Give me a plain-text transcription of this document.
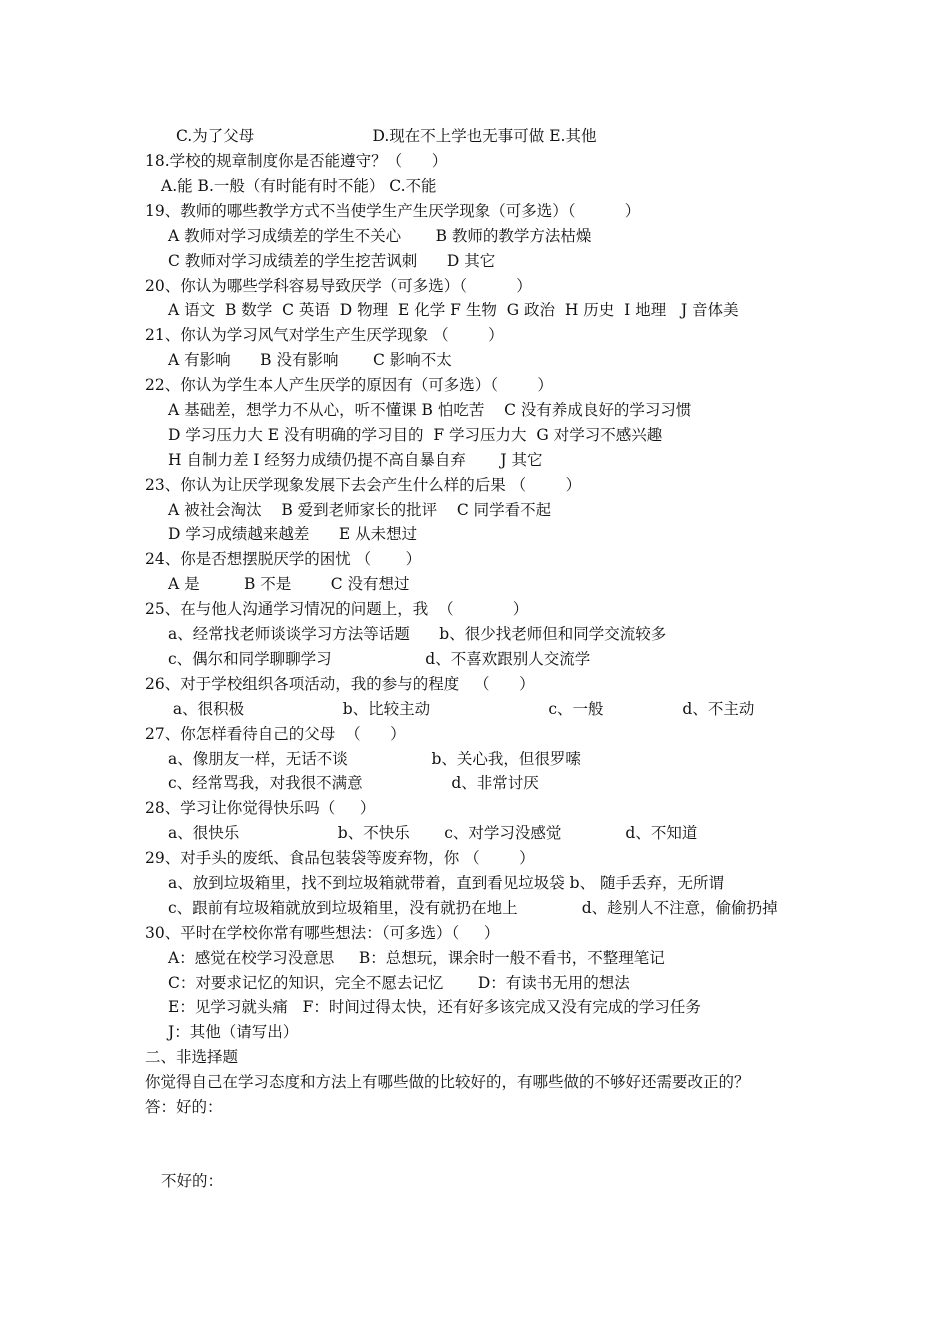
C.为了父母                        D.现在不上学也无事可做 E.其他
18.学校的规章制度你是否能遵守？（      ）
A.能 B.一般（有时能有时不能） C.不能
19、教师的哪些教学方式不当使学生产生厌学现象（可多选）（          ）
A 教师对学习成绩差的学生不关心       B 教师的教学方法枯燥
C 教师对学习成绩差的学生挖苦讽刺      D 其它
20、你认为哪些学科容易导致厌学（可多选）（          ）
A 语文  B 数学  C 英语  D 物理  E 化学 F 生物  G 政治  H 历史  I 地理   J 音体美
21、你认为学习风气对学生产生厌学现象 （        ）
A 有影响      B 没有影响       C 影响不太
22、你认为学生本人产生厌学的原因有（可多选）（        ）
A 基础差，想学力不从心，听不懂课 B 怕吃苦    C 没有养成良好的学习习惯
D 学习压力大 E 没有明确的学习目的  F 学习压力大  G 对学习不感兴趣
H 自制力差 I 经努力成绩仍提不高自暴自弃       J 其它
23、你认为让厌学现象发展下去会产生什么样的后果 （        ）
A 被社会淘汰    B 爱到老师家长的批评    C 同学看不起
D 学习成绩越来越差      E 从未想过
24、你是否想摆脱厌学的困忧 （       ）
A 是         B 不是        C 没有想过
25、在与他人沟通学习情况的问题上，我  （            ）
a、经常找老师谈谈学习方法等话题      b、很少找老师但和同学交流较多
c、偶尔和同学聊聊学习                   d、不喜欢跟别人交流学
26、对于学校组织各项活动，我的参与的程度   （      ）
a、很积极                    b、比较主动                        c、一般                d、不主动
27、你怎样看待自己的父母  （      ）
a、像朋友一样，无话不谈                 b、关心我，但很罗嗦
c、经常骂我，对我很不满意                  d、非常讨厌
28、学习让你觉得快乐吗（     ）
a、很快乐                    b、不快乐       c、对学习没感觉             d、不知道
29、对手头的废纸、食品包装袋等废弃物，你 （        ）
a、放到垃圾箱里，找不到垃圾箱就带着，直到看见垃圾袋 b、 随手丢弃，无所谓
c、跟前有垃圾箱就放到垃圾箱里，没有就扔在地上             d、趁别人不注意，偷偷扔掉
30、平时在学校你常有哪些想法：（可多选）（     ）
A：感觉在校学习没意思     B：总想玩，课余时一般不看书，不整理笔记
C：对要求记忆的知识，完全不愿去记忆       D：有读书无用的想法
E：见学习就头痛   F：时间过得太快，还有好多该完成又没有完成的学习任务
J：其他（请写出）
二、非选择题
你觉得自己在学习态度和方法上有哪些做的比较好的，有哪些做的不够好还需要改正的？
答：好的：
不好的：
